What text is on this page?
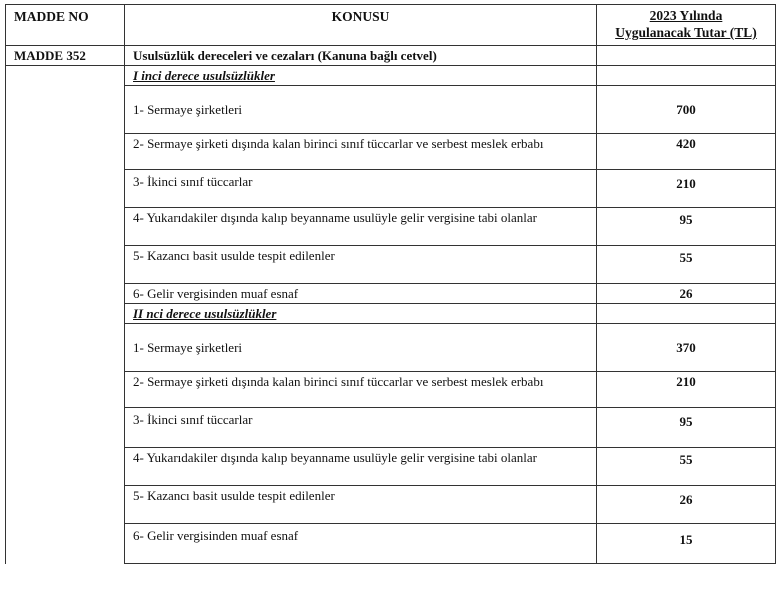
MADDE NO	KONUSU	2023 Yılında
Uygulanacak Tutar (TL)

MADDE 352	Usulsüzlük dereceleri ve cezaları (Kanuna bağlı cetvel)	
	I inci derece usulsüzlükler	
	1- Sermaye şirketleri	700
	2- Sermaye şirketi dışında kalan birinci sınıf tüccarlar ve serbest meslek erbabı	420
	3- İkinci sınıf tüccarlar	210
	4- Yukarıdakiler dışında kalıp beyanname usulüyle gelir vergisine tabi olanlar	95
	5- Kazancı basit usulde tespit edilenler	55
	6- Gelir vergisinden muaf esnaf	26
	II nci derece usulsüzlükler	
	1- Sermaye şirketleri	370
	2- Sermaye şirketi dışında kalan birinci sınıf tüccarlar ve serbest meslek erbabı	210
	3- İkinci sınıf tüccarlar	95
	4- Yukarıdakiler dışında kalıp beyanname usulüyle gelir vergisine tabi olanlar	55
	5- Kazancı basit usulde tespit edilenler	26
	6- Gelir vergisinden muaf esnaf	15
